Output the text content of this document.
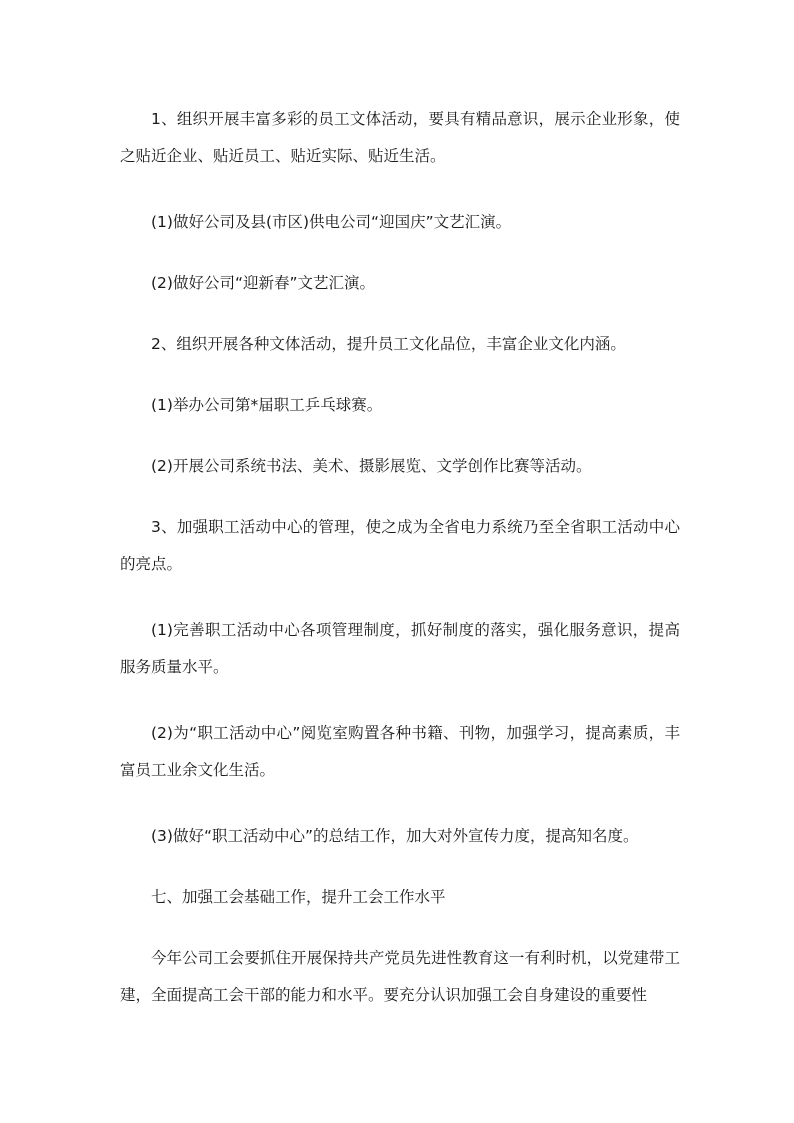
1、组织开展丰富多彩的员工文体活动，要具有精品意识，展示企业形象，使之贴近企业、贴近员工、贴近实际、贴近生活。

(1)做好公司及县(市区)供电公司“迎国庆”文艺汇演。

(2)做好公司“迎新春”文艺汇演。

2、组织开展各种文体活动，提升员工文化品位，丰富企业文化内涵。

(1)举办公司第*届职工乒乓球赛。

(2)开展公司系统书法、美术、摄影展览、文学创作比赛等活动。

3、加强职工活动中心的管理，使之成为全省电力系统乃至全省职工活动中心的亮点。

(1)完善职工活动中心各项管理制度，抓好制度的落实，强化服务意识，提高服务质量水平。

(2)为“职工活动中心”阅览室购置各种书籍、刊物，加强学习，提高素质，丰富员工业余文化生活。

(3)做好“职工活动中心”的总结工作，加大对外宣传力度，提高知名度。

七、加强工会基础工作，提升工会工作水平

今年公司工会要抓住开展保持共产党员先进性教育这一有利时机，以党建带工建，全面提高工会干部的能力和水平。要充分认识加强工会自身建设的重要性
